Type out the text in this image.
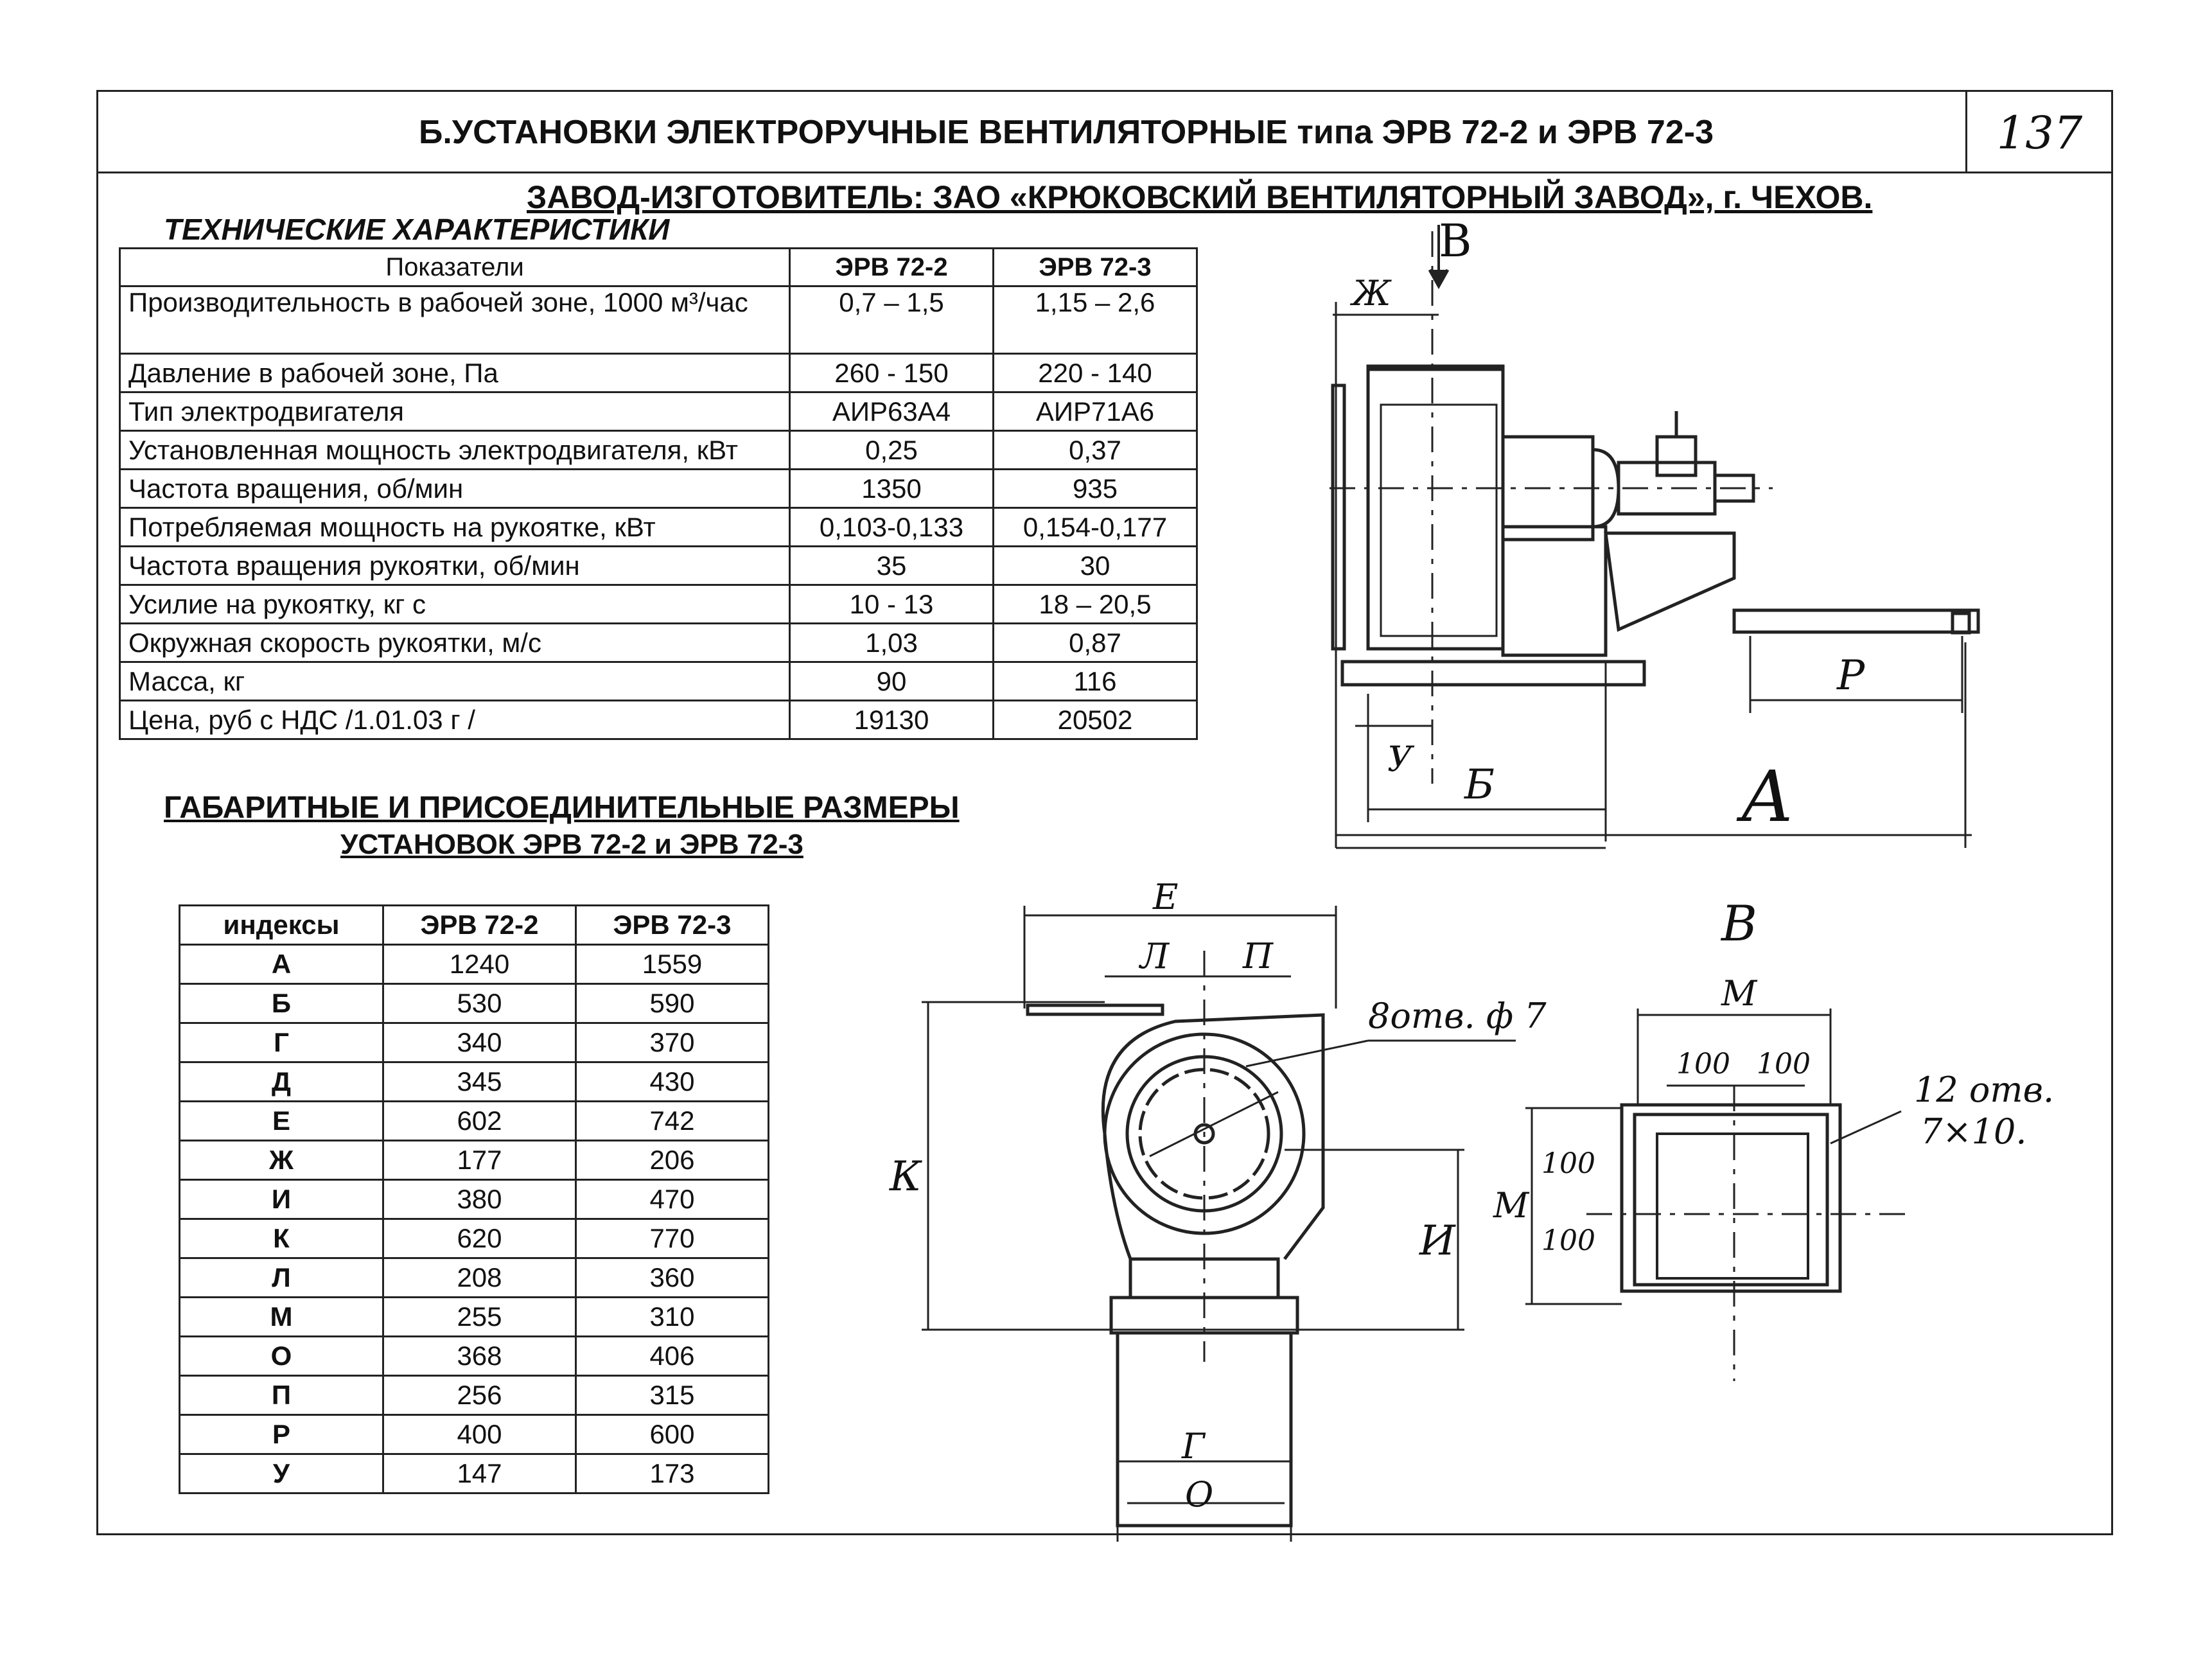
Б.УСТАНОВКИ ЭЛЕКТРОРУЧНЫЕ ВЕНТИЛЯТОРНЫЕ типа ЭРВ 72-2 и ЭРВ 72-3	137
ЗАВОД-ИЗГОТОВИТЕЛЬ: ЗАО «КРЮКОВСКИЙ ВЕНТИЛЯТОРНЫЙ ЗАВОД», г. ЧЕХОВ.
ТЕХНИЧЕСКИЕ ХАРАКТЕРИСТИКИ
Показатели	ЭРВ 72-2	ЭРВ 72-3
Производительность в рабочей зоне, 1000 м³/час	0,7 – 1,5	1,15 – 2,6
Давление в рабочей зоне, Па	260 - 150	220 - 140
Тип электродвигателя	АИР63А4	АИР71А6
Установленная мощность электродвигателя, кВт	0,25	0,37
Частота вращения, об/мин	1350	935
Потребляемая мощность на рукоятке, кВт	0,103-0,133	0,154-0,177
Частота вращения рукоятки, об/мин	35	30
Усилие на рукоятку, кг с	10 - 13	18 – 20,5
Окружная скорость рукоятки, м/с	1,03	0,87
Масса, кг	90	116
Цена, руб с НДС /1.01.03 г /	19130	20502
ГАБАРИТНЫЕ И ПРИСОЕДИНИТЕЛЬНЫЕ РАЗМЕРЫ
УСТАНОВОК ЭРВ 72-2 и ЭРВ 72-3
индексы	ЭРВ 72-2	ЭРВ 72-3
А	1240	1559
Б	530	590
Г	340	370
Д	345	430
Е	602	742
Ж	177	206
И	380	470
К	620	770
Л	208	360
М	255	310
О	368	406
П	256	315
Р	400	600
У	147	173
В
Ж
Р
У
Б	А
Е
Л П
8отв. ф 7
К
И
Г
О
В
М
М
100 100
100
100
12 отв.
7×10.
